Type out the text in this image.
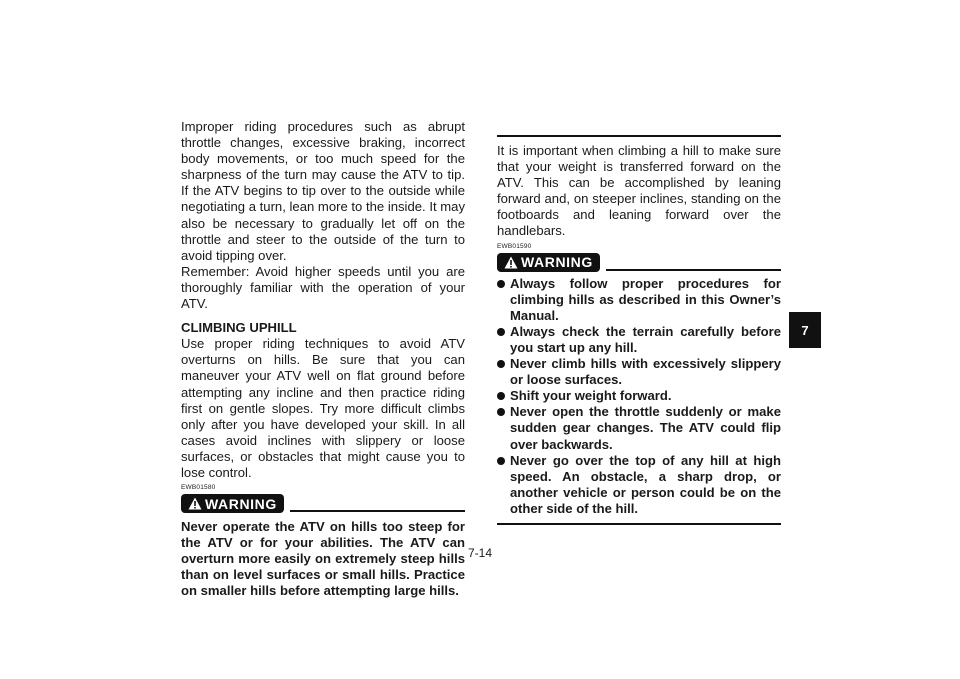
Improper riding procedures such as abrupt throttle changes, excessive braking, incorrect body movements, or too much speed for the sharpness of the turn may cause the ATV to tip. If the ATV begins to tip over to the outside while negotiating a turn, lean more to the inside. It may also be necessary to gradually let off on the throttle and steer to the outside of the turn to avoid tipping over.

Remember: Avoid higher speeds until you are thoroughly familiar with the operation of your ATV.

CLIMBING UPHILL

Use proper riding techniques to avoid ATV overturns on hills. Be sure that you can maneuver your ATV well on flat ground before attempting any incline and then practice riding first on gentle slopes. Try more difficult climbs only after you have developed your skill. In all cases avoid inclines with slippery or loose surfaces, or obstacles that might cause you to lose control.

EWB01580
WARNING

Never operate the ATV on hills too steep for the ATV or for your abilities. The ATV can overturn more easily on extremely steep hills than on level surfaces or small hills. Practice on smaller hills before attempting large hills.

It is important when climbing a hill to make sure that your weight is transferred forward on the ATV. This can be accomplished by leaning forward and, on steeper inclines, standing on the footboards and leaning forward over the handlebars.

EWB01590
WARNING
Always follow proper procedures for climbing hills as described in this Owner’s Manual.
Always check the terrain carefully before you start up any hill.
Never climb hills with excessively slippery or loose surfaces.
Shift your weight forward.
Never open the throttle suddenly or make sudden gear changes. The ATV could flip over backwards.
Never go over the top of any hill at high speed. An obstacle, a sharp drop, or another vehicle or person could be on the other side of the hill.
7
7-14
